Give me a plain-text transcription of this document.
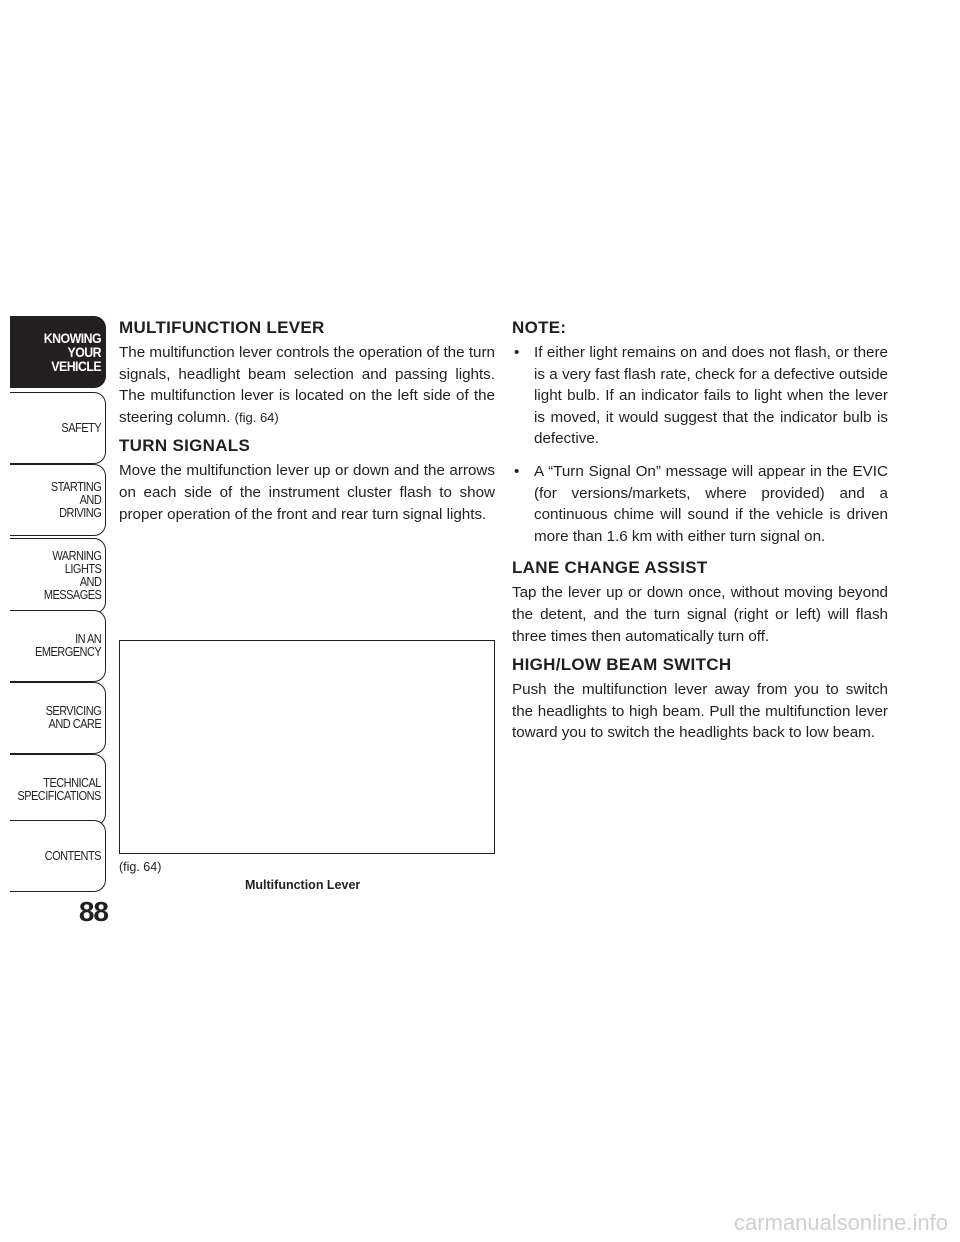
KNOWING
YOUR
VEHICLE
SAFETY
STARTING
AND
DRIVING
WARNING
LIGHTS
AND
MESSAGES
IN AN
EMERGENCY
SERVICING
AND CARE
TECHNICAL
SPECIFICATIONS
CONTENTS
88
MULTIFUNCTION LEVER

The multifunction lever controls the operation of the turn signals, headlight beam selection and passing lights. The multifunction lever is located on the left side of the steering column. (fig. 64)

TURN SIGNALS

Move the multifunction lever up or down and the arrows on each side of the instrument cluster flash to show proper operation of the front and rear turn signal lights.

(fig. 64)
Multifunction Lever
NOTE:
• If either light remains on and does not flash, or there is a very fast flash rate, check for a defective outside light bulb. If an indicator fails to light when the lever is moved, it would suggest that the indicator bulb is defective.
• A “Turn Signal On” message will appear in the EVIC (for versions/markets, where provided) and a continuous chime will sound if the vehicle is driven more than 1.6 km with either turn signal on.
LANE CHANGE ASSIST

Tap the lever up or down once, without moving beyond the detent, and the turn signal (right or left) will flash three times then automatically turn off.

HIGH/LOW BEAM SWITCH

Push the multifunction lever away from you to switch the headlights to high beam. Pull the multifunction lever toward you to switch the headlights back to low beam.

carmanualsonline.info
